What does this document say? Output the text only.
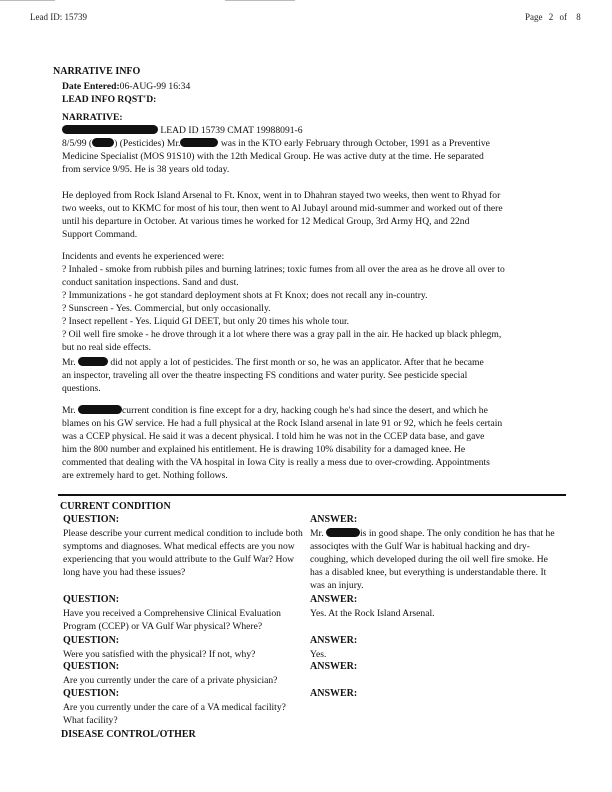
Lead ID: 15739	Page 2 of 8
NARRATIVE INFO
Date Entered:06-AUG-99 16:34
LEAD INFO RQST'D:
NARRATIVE:

LEAD ID 15739 CMAT 19988091-6

8/5/99 ( ) (Pesticides) Mr.	was in the KTO early February through October, 1991 as a Preventive

Medicine Specialist (MOS 91S10) with the 12th Medical Group. He was active duty at the time. He separated

from service 9/95. He is 38 years old today.

He deployed from Rock Island Arsenal to Ft. Knox, went in to Dhahran stayed two weeks, then went to Rhyad for

two weeks, out to KKMC for most of his tour, then went to Al Jubayl around mid-summer and worked out of there

until his departure in October. At various times he worked for 12 Medical Group, 3rd Army HQ, and 22nd

Support Command.

Incidents and events he experienced were:

? Inhaled - smoke from rubbish piles and burning latrines; toxic fumes from all over the area as he drove all over to

conduct sanitation inspections. Sand and dust.

? Immunizations - he got standard deployment shots at Ft Knox; does not recall any in-country.

? Sunscreen - Yes. Commercial, but only occasionally.

? Insect repellent - Yes. Liquid GI DEET, but only 20 times his whole tour.

? Oil well fire smoke - he drove through it a lot where there was a gray pall in the air. He hacked up black phlegm,

but no real side effects.

Mr.	did not apply a lot of pesticides. The first month or so, he was an applicator. After that he became

an inspector, traveling all over the theatre inspecting FS conditions and water purity. See pesticide special

questions.

Mr.	current condition is fine except for a dry, hacking cough he's had since the desert, and which he

blames on his GW service. He had a full physical at the Rock Island arsenal in late 91 or 92, which he feels certain

was a CCEP physical. He said it was a decent physical. I told him he was not in the CCEP data base, and gave

him the 800 number and explained his entitlement. He is drawing 10% disability for a damaged knee. He

commented that dealing with the VA hospital in Iowa City is really a mess due to over-crowding. Appointments

are extremely hard to get. Nothing follows.

CURRENT CONDITION
QUESTION:	ANSWER:
Please describe your current medical condition to include both symptoms and diagnoses. What medical effects are you now experiencing that you would attribute to the Gulf War? How long have you had these issues?
Mr.	is in good shape. The only condition he has that he associqtes with the Gulf War is habitual hacking and dry-coughing, which developed during the oil well fire smoke. He has a disabled knee, but everything is understandable there. It was an injury.
QUESTION:	ANSWER:
Have you received a Comprehensive Clinical Evaluation Program (CCEP) or VA Gulf War physical? Where?
Yes. At the Rock Island Arsenal.
QUESTION:	ANSWER:
Were you satisfied with the physical? If not, why?	Yes.
QUESTION:	ANSWER:
Are you currently under the care of a private physician?
QUESTION:	ANSWER:
Are you currently under the care of a VA medical facility? What facility?
DISEASE CONTROL/OTHER
